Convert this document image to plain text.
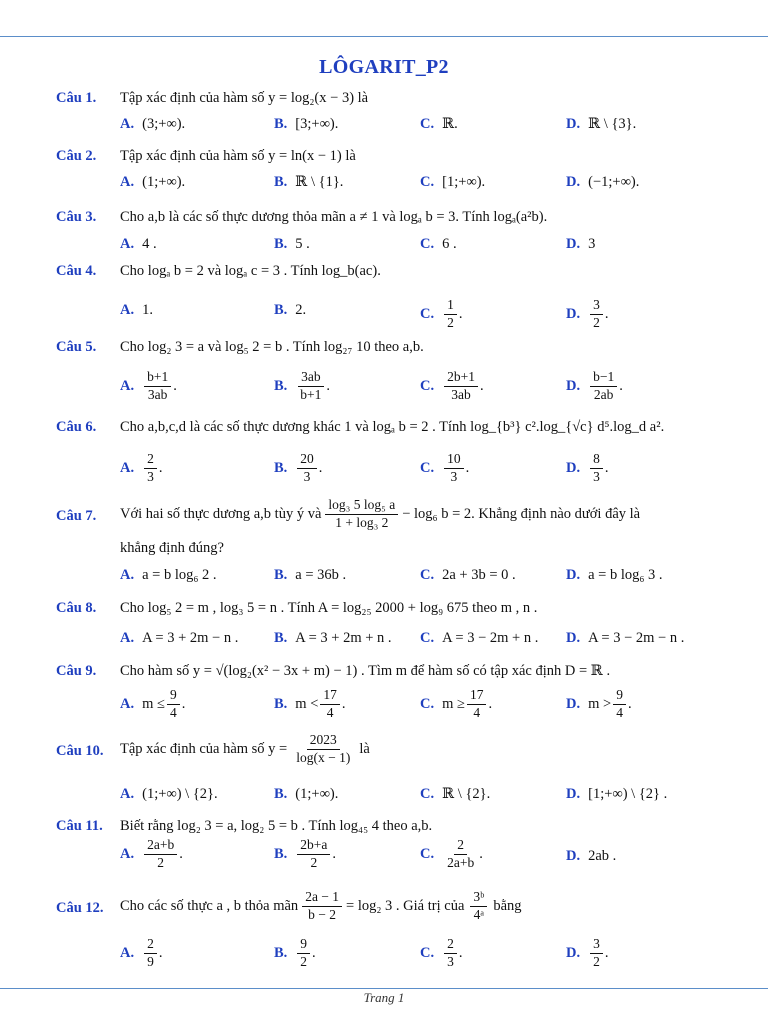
LÔGARIT_P2
Câu 1. Tập xác định của hàm số y = log₂(x − 3) là
A. (3;+∞).	B. [3;+∞).	C. ℝ.	D. ℝ \ {3}.
Câu 2. Tập xác định của hàm số y = ln(x − 1) là
A. (1;+∞).	B. ℝ \ {1}.	C. [1;+∞).	D. (−1;+∞).
Câu 3. Cho a,b là các số thực dương thỏa mãn a ≠ 1 và logₐ b = 3. Tính logₐ(a²b).
A. 4 .	B. 5 .	C. 6 .	D. 3
Câu 4. Cho logₐ b = 2 và logₐ c = 3 . Tính log_b(ac).
A. 1.	B. 2.	C. $\frac{1}{2}$ .	D. $\frac{3}{2}$ .
Câu 5. Cho log₂ 3 = a và log₅ 2 = b . Tính log₂₇ 10 theo a,b.
A. $\frac{b+1}{3ab}$ .	B. $\frac{3ab}{b+1}$ .	C. $\frac{2b+1}{3ab}$ .	D. $\frac{b-1}{2ab}$ .
Câu 6. Cho a,b,c,d là các số thực dương khác 1 và logₐ b = 2 . Tính log_{b³} c².log_{√c} d⁵.log_d a².
A. $\frac{2}{3}$ .	B. $\frac{20}{3}$ .	C. $\frac{10}{3}$ .	D. $\frac{8}{3}$ .
Câu 7. Với hai số thực dương a,b tùy ý và $\frac{\text{log₃ 5 log₅ a}}{\text{1 + log₃ 2}} - \log_6$ b = 2. Khẳng định nào dưới đây là
khẳng định đúng?
A. a = b log₆ 2 .	B. a = 36b .	C. 2a + 3b = 0 .	D. a = b log₆ 3 .
Câu 8. Cho log₅ 2 = m , log₃ 5 = n . Tính A = log₂₅ 2000 + log₉ 675 theo m , n .
A. A = 3 + 2m − n . B. A = 3 + 2m + n . C. A = 3 − 2m + n . D. A = 3 − 2m − n .
Câu 9. Cho hàm số y = √(log₂(x² − 3x + m) − 1) . Tìm m để hàm số có tập xác định D = ℝ .
A. $m \le \frac{9}{4}$ .	B. $m < \frac{17}{4}$ .	C. $m \ge \frac{17}{4}$ .	D. $m > \frac{9}{4}$ .
Câu 10. Tập xác định của hàm số $y = \frac{2023}{\log(x - 1)}$ là
A. (1;+∞) \ {2}.	B. (1;+∞).	C. ℝ \ {2}.	D. [1;+∞) \ {2} .
Câu 11. Biết rằng log₂ 3 = a, log₂ 5 = b . Tính log₄₅ 4 theo a,b.
A. $\frac{2a+b}{2}$ .	B. $\frac{2b+a}{2}$ .	C. $\frac{2}{2a+b}$ .	D. 2ab .
Câu 12. Cho các số thực a , b thỏa mãn $\frac{2a - 1}{b - 2} = \log_2$ 3 . Giá trị của $\frac{\text{3ᵇ}}{\text{4ᵃ}}$ bằng
A. $\frac{2}{9}$ .	B. $\frac{9}{2}$ .	C. $\frac{2}{3}$ .	D. $\frac{3}{2}$ .
Trang 1
